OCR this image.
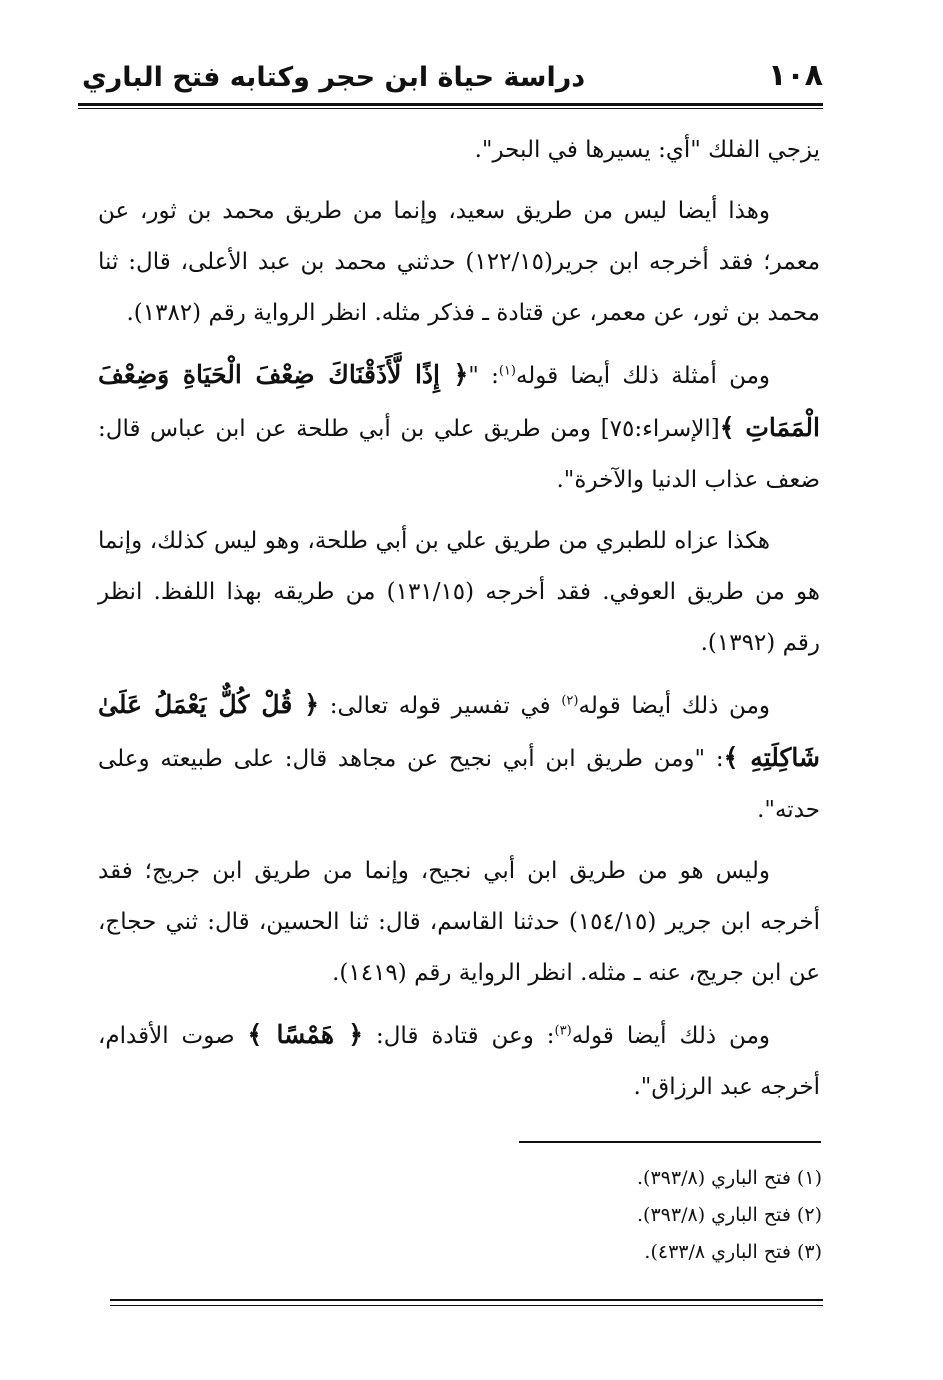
١٠٨
دراسة حياة ابن حجر وكتابه فتح الباري

يزجي الفلك "أي: يسيرها في البحر".

وهذا أيضا ليس من طريق سعيد، وإنما من طريق محمد بن ثور، عن معمر؛ فقد أخرجه ابن جرير(١٢٢/١٥) حدثني محمد بن عبد الأعلى، قال: ثنا محمد بن ثور، عن معمر، عن قتادة ـ فذكر مثله. انظر الرواية رقم (١٣٨٢).

ومن أمثلة ذلك أيضا قوله$^{(١)}$: "﴿ إِذًا لَّأَذَقْنَاكَ ضِعْفَ الْحَيَاةِ وَضِعْفَ الْمَمَاتِ ﴾[الإسراء:٧٥] ومن طريق علي بن أبي طلحة عن ابن عباس قال: ضعف عذاب الدنيا والآخرة".

هكذا عزاه للطبري من طريق علي بن أبي طلحة، وهو ليس كذلك، وإنما هو من طريق العوفي. فقد أخرجه (١٣١/١٥) من طريقه بهذا اللفظ. انظر رقم (١٣٩٢).

ومن ذلك أيضا قوله$^{(٢)}$ في تفسير قوله تعالى: ﴿ قُلْ كُلٌّ يَعْمَلُ عَلَىٰ شَاكِلَتِهِ ﴾: "ومن طريق ابن أبي نجيح عن مجاهد قال: على طبيعته وعلى حدته".

وليس هو من طريق ابن أبي نجيح، وإنما من طريق ابن جريج؛ فقد أخرجه ابن جرير (١٥٤/١٥) حدثنا القاسم، قال: ثنا الحسين، قال: ثني حجاج، عن ابن جريج، عنه ـ مثله. انظر الرواية رقم (١٤١٩).

ومن ذلك أيضا قوله$^{(٣)}$: وعن قتادة قال: ﴿ هَمْسًا ﴾ صوت الأقدام، أخرجه عبد الرزاق".

(١) فتح الباري (٣٩٣/٨).

(٢) فتح الباري (٣٩٣/٨).

(٣) فتح الباري ٤٣٣/٨).
